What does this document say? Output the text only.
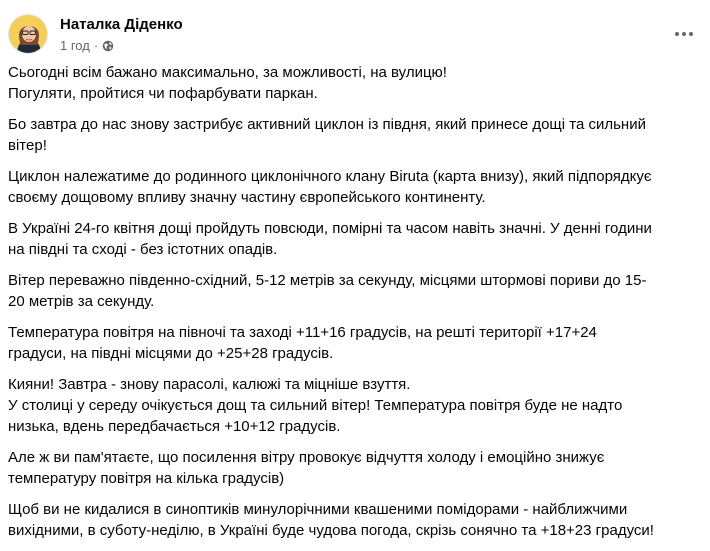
Наталка Діденко
1 год ·

Сьогодні всім бажано максимально, за можливості, на вулицю!
Погуляти, пройтися чи пофарбувати паркан.

Бо завтра до нас знову застрибує активний циклон із півдня, який принесе дощі та сильний
вітер!

Циклон належатиме до родинного циклонічного клану Biruta (карта внизу), який підпорядкує
своєму дощовому впливу значну частину європейського континенту.

В Україні 24-го квітня дощі пройдуть повсюди, помірні та часом навіть значні. У денні години
на півдні та сході - без істотних опадів.

Вітер переважно південно-східний, 5-12 метрів за секунду, місцями штормові пориви до 15-
20 метрів за секунду.

Температура повітря на півночі та заході +11+16 градусів, на решті території +17+24
градуси, на півдні місцями до +25+28 градусів.

Кияни! Завтра - знову парасолі, калюжі та міцніше взуття.
У столиці у середу очікується дощ та сильний вітер! Температура повітря буде не надто
низька, вдень передбачається +10+12 градусів.

Але ж ви пам'ятаєте, що посилення вітру провокує відчуття холоду і емоційно знижує
температуру повітря на кілька градусів)

Щоб ви не кидалися в синоптиків минулорічними квашеними помідорами - найближчими
вихідними, в суботу-неділю, в Україні буде чудова погода, скрізь сонячно та +18+23 градуси!
